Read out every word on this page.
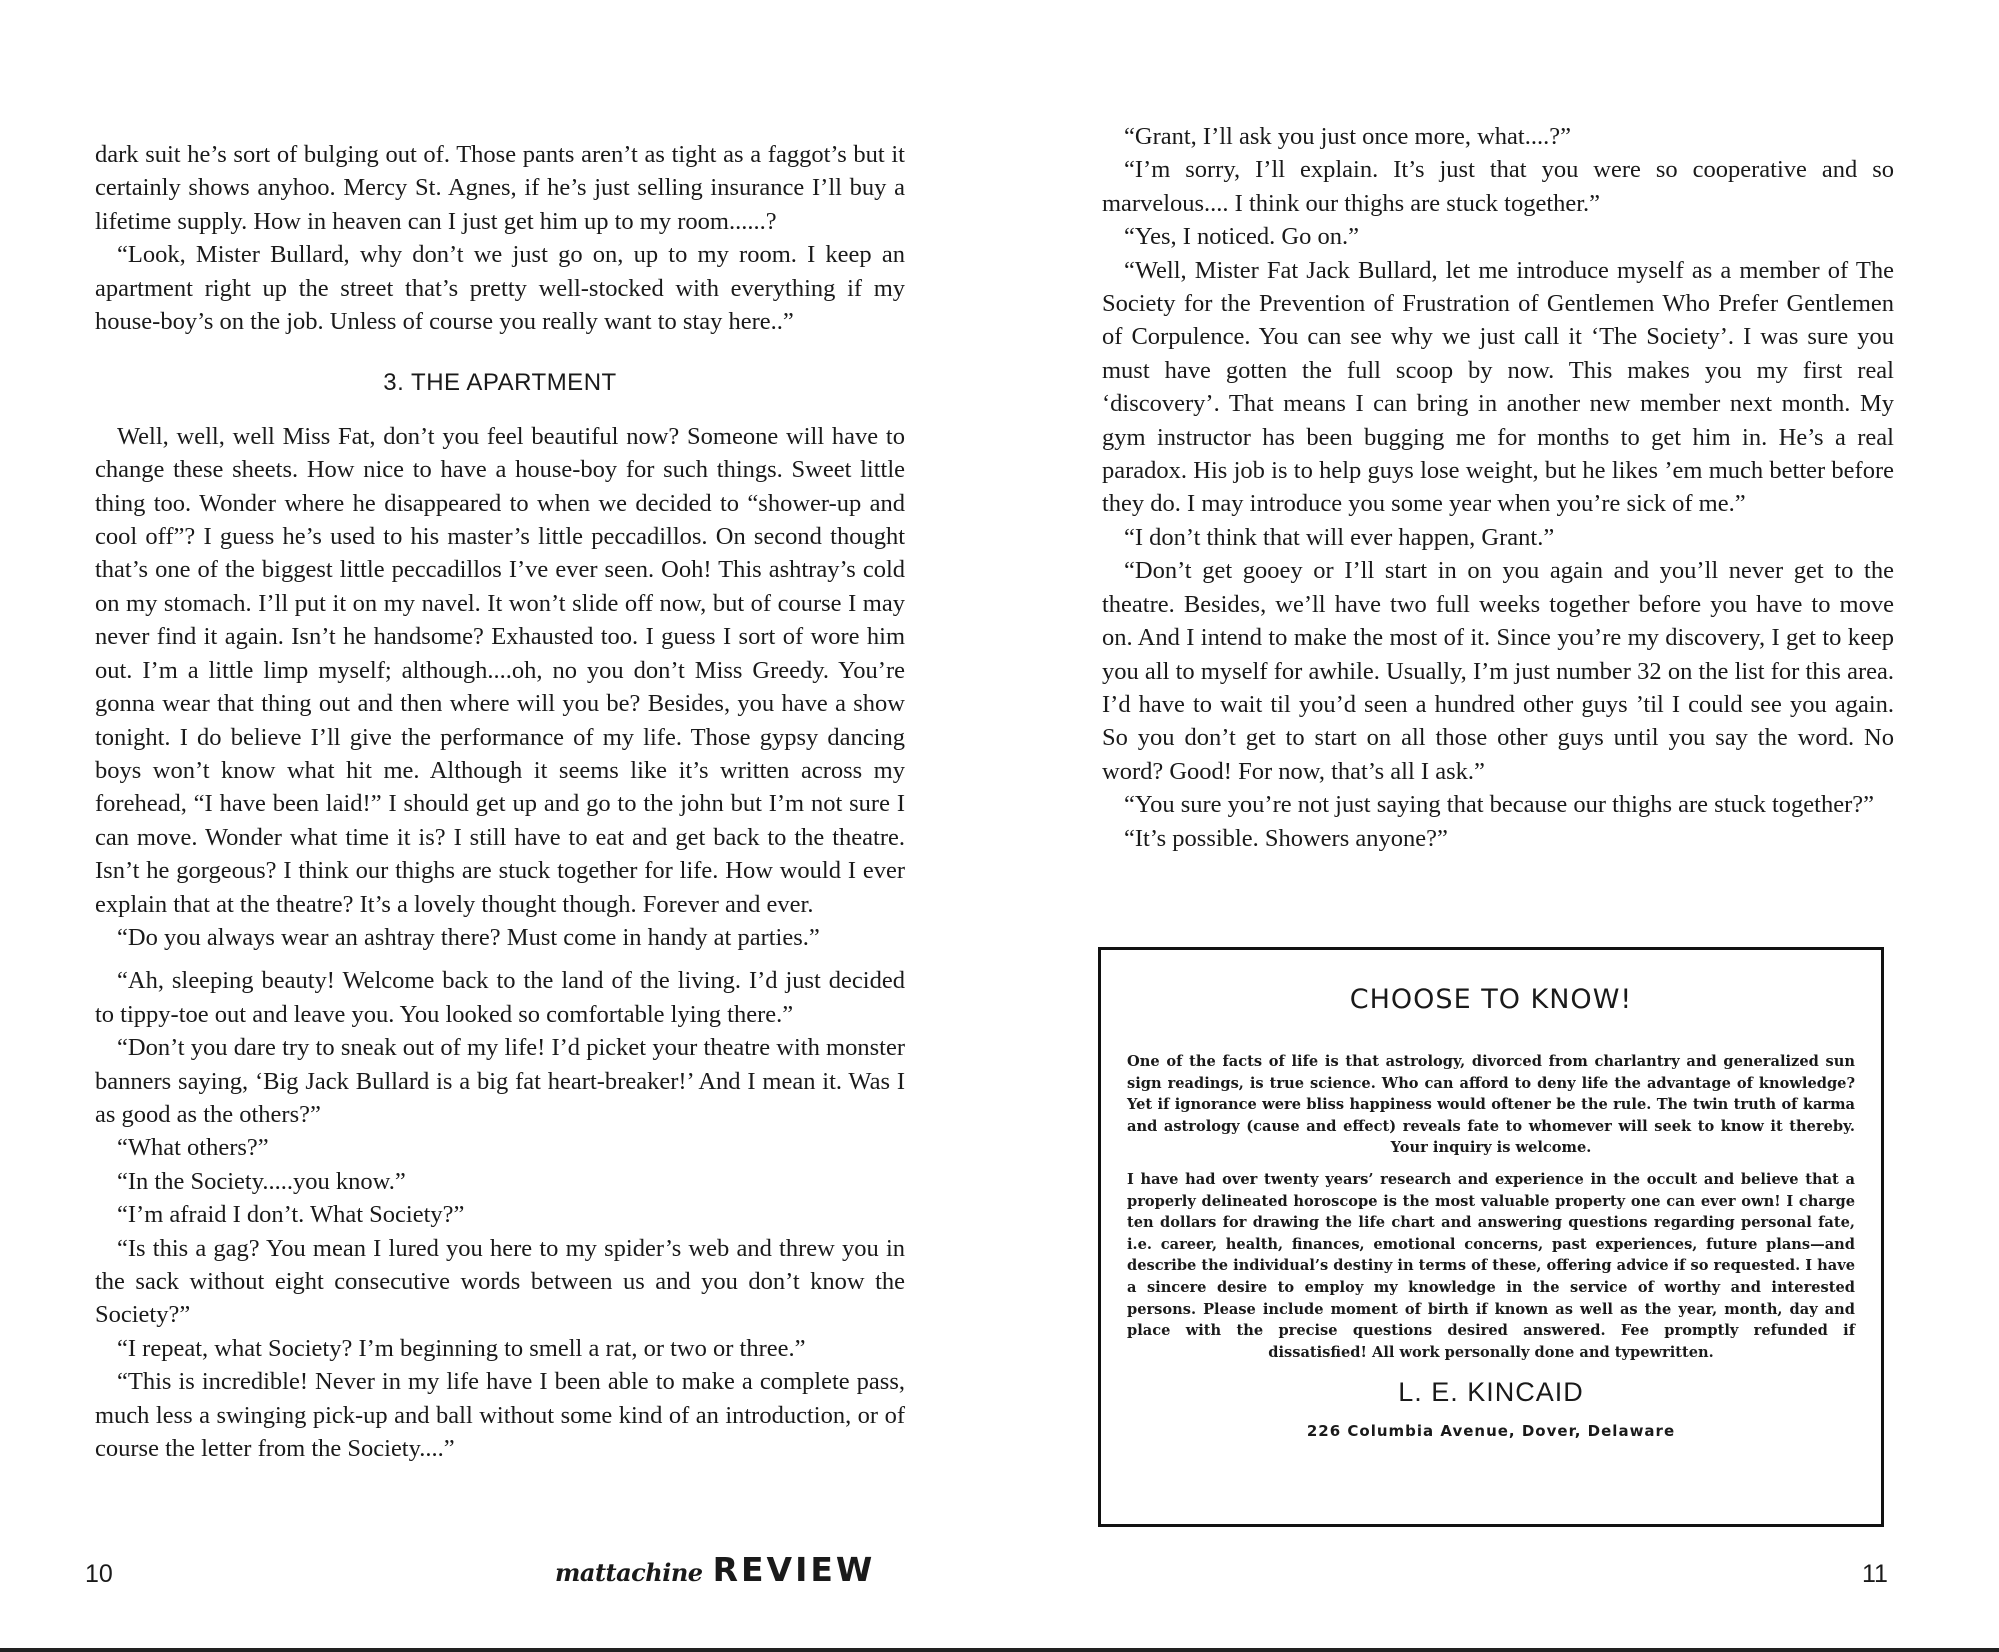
dark suit he’s sort of bulging out of. Those pants aren’t as tight as a faggot’s but it certainly shows anyhoo. Mercy St. Agnes, if he’s just selling insurance I’ll buy a lifetime supply. How in heaven can I just get him up to my room......?

“Look, Mister Bullard, why don’t we just go on, up to my room. I keep an apartment right up the street that’s pretty well-stocked with everything if my house-boy’s on the job. Unless of course you really want to stay here..”

3. THE APARTMENT

Well, well, well Miss Fat, don’t you feel beautiful now? Someone will have to change these sheets. How nice to have a house-boy for such things. Sweet little thing too. Wonder where he disappeared to when we decided to “shower-up and cool off”? I guess he’s used to his master’s little peccadillos. On second thought that’s one of the biggest little peccadillos I’ve ever seen. Ooh! This ashtray’s cold on my stomach. I’ll put it on my navel. It won’t slide off now, but of course I may never find it again. Isn’t he handsome? Exhausted too. I guess I sort of wore him out. I’m a little limp myself; although....oh, no you don’t Miss Greedy. You’re gonna wear that thing out and then where will you be? Besides, you have a show tonight. I do believe I’ll give the performance of my life. Those gypsy dancing boys won’t know what hit me. Although it seems like it’s written across my forehead, “I have been laid!” I should get up and go to the john but I’m not sure I can move. Wonder what time it is? I still have to eat and get back to the theatre. Isn’t he gorgeous? I think our thighs are stuck together for life. How would I ever explain that at the theatre? It’s a lovely thought though. Forever and ever.

“Do you always wear an ashtray there? Must come in handy at parties.”

“Ah, sleeping beauty! Welcome back to the land of the living. I’d just decided to tippy-toe out and leave you. You looked so comfortable lying there.”

“Don’t you dare try to sneak out of my life! I’d picket your theatre with monster banners saying, ‘Big Jack Bullard is a big fat heart-breaker!’ And I mean it. Was I as good as the others?”

“What others?”

“In the Society.....you know.”

“I’m afraid I don’t. What Society?”

“Is this a gag? You mean I lured you here to my spider’s web and threw you in the sack without eight consecutive words between us and you don’t know the Society?”

“I repeat, what Society? I’m beginning to smell a rat, or two or three.”

“This is incredible! Never in my life have I been able to make a complete pass, much less a swinging pick-up and ball without some kind of an introduction, or of course the letter from the Society....”

10	mattachine REVIEW

“Grant, I’ll ask you just once more, what....?”

“I’m sorry, I’ll explain. It’s just that you were so cooperative and so marvelous.... I think our thighs are stuck together.”

“Yes, I noticed. Go on.”

“Well, Mister Fat Jack Bullard, let me introduce myself as a member of The Society for the Prevention of Frustration of Gentlemen Who Prefer Gentlemen of Corpulence. You can see why we just call it ‘The Society’. I was sure you must have gotten the full scoop by now. This makes you my first real ‘discovery’. That means I can bring in another new member next month. My gym instructor has been bugging me for months to get him in. He’s a real paradox. His job is to help guys lose weight, but he likes ’em much better before they do. I may introduce you some year when you’re sick of me.”

“I don’t think that will ever happen, Grant.”

“Don’t get gooey or I’ll start in on you again and you’ll never get to the theatre. Besides, we’ll have two full weeks together before you have to move on. And I intend to make the most of it. Since you’re my discovery, I get to keep you all to myself for awhile. Usually, I’m just number 32 on the list for this area. I’d have to wait til you’d seen a hundred other guys ’til I could see you again. So you don’t get to start on all those other guys until you say the word. No word? Good! For now, that’s all I ask.”

“You sure you’re not just saying that because our thighs are stuck together?”

“It’s possible. Showers anyone?”

CHOOSE TO KNOW!

One of the facts of life is that astrology, divorced from charlantry and generalized sun sign readings, is true science. Who can afford to deny life the advantage of knowledge? Yet if ignorance were bliss happiness would oftener be the rule. The twin truth of karma and astrology (cause and effect) reveals fate to whomever will seek to know it thereby. Your inquiry is welcome.

I have had over twenty years’ research and experience in the occult and believe that a properly delineated horoscope is the most valuable property one can ever own! I charge ten dollars for drawing the life chart and answering questions regarding personal fate, i.e. career, health, finances, emotional concerns, past experiences, future plans—and describe the individual’s destiny in terms of these, offering advice if so requested. I have a sincere desire to employ my knowledge in the service of worthy and interested persons. Please include moment of birth if known as well as the year, month, day and place with the precise questions desired answered. Fee promptly refunded if dissatisfied! All work personally done and typewritten.

L. E. KINCAID
226 Columbia Avenue, Dover, Delaware
11
